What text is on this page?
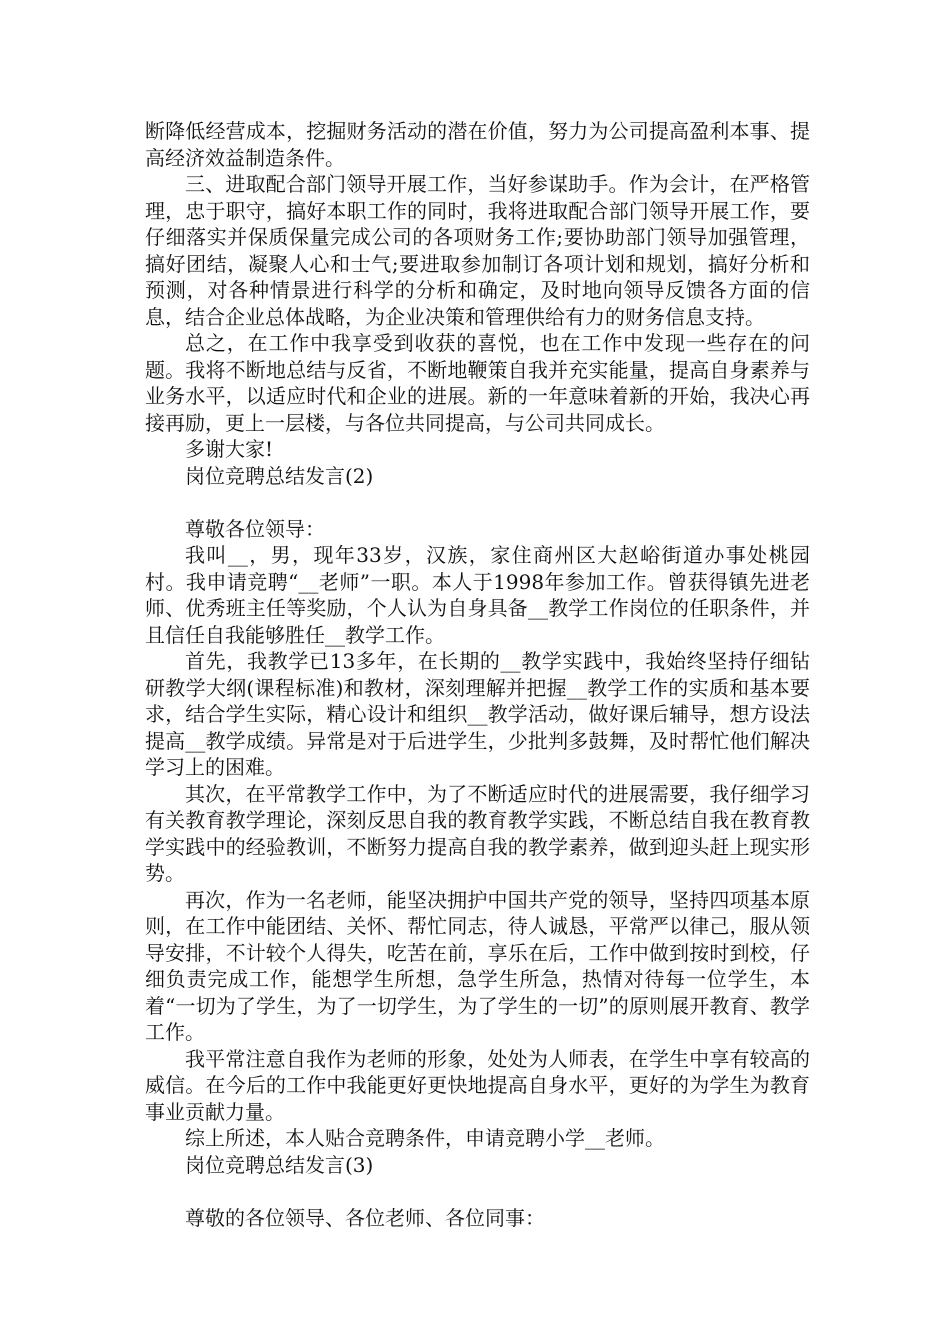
断降低经营成本，挖掘财务活动的潜在价值，努力为公司提高盈利本事、提高经济效益制造条件。

三、进取配合部门领导开展工作，当好参谋助手。作为会计，在严格管理，忠于职守，搞好本职工作的同时，我将进取配合部门领导开展工作，要仔细落实并保质保量完成公司的各项财务工作;要协助部门领导加强管理，搞好团结，凝聚人心和士气;要进取参加制订各项计划和规划，搞好分析和预测，对各种情景进行科学的分析和确定，及时地向领导反馈各方面的信息，结合企业总体战略，为企业决策和管理供给有力的财务信息支持。

总之，在工作中我享受到收获的喜悦，也在工作中发现一些存在的问题。我将不断地总结与反省，不断地鞭策自我并充实能量，提高自身素养与业务水平，以适应时代和企业的进展。新的一年意味着新的开始，我决心再接再励，更上一层楼，与各位共同提高，与公司共同成长。

多谢大家!

岗位竞聘总结发言(2)

尊敬各位领导：

我叫__，男，现年33岁，汉族，家住商州区大赵峪街道办事处桃园村。我申请竞聘“__老师”一职。本人于1998年参加工作。曾获得镇先进老师、优秀班主任等奖励，个人认为自身具备__教学工作岗位的任职条件，并且信任自我能够胜任__教学工作。

首先，我教学已13多年，在长期的__教学实践中，我始终坚持仔细钻研教学大纲(课程标准)和教材，深刻理解并把握__教学工作的实质和基本要求，结合学生实际，精心设计和组织__教学活动，做好课后辅导，想方设法提高__教学成绩。异常是对于后进学生，少批判多鼓舞，及时帮忙他们解决学习上的困难。

其次，在平常教学工作中，为了不断适应时代的进展需要，我仔细学习有关教育教学理论，深刻反思自我的教育教学实践，不断总结自我在教育教学实践中的经验教训，不断努力提高自我的教学素养，做到迎头赶上现实形势。

再次，作为一名老师，能坚决拥护中国共产党的领导，坚持四项基本原则，在工作中能团结、关怀、帮忙同志，待人诚恳，平常严以律己，服从领导安排，不计较个人得失，吃苦在前，享乐在后，工作中做到按时到校，仔细负责完成工作，能想学生所想，急学生所急，热情对待每一位学生，本着“一切为了学生，为了一切学生，为了学生的一切”的原则展开教育、教学工作。

我平常注意自我作为老师的形象，处处为人师表，在学生中享有较高的威信。在今后的工作中我能更好更快地提高自身水平，更好的为学生为教育事业贡献力量。

综上所述，本人贴合竞聘条件，申请竞聘小学__老师。

岗位竞聘总结发言(3)

尊敬的各位领导、各位老师、各位同事：
